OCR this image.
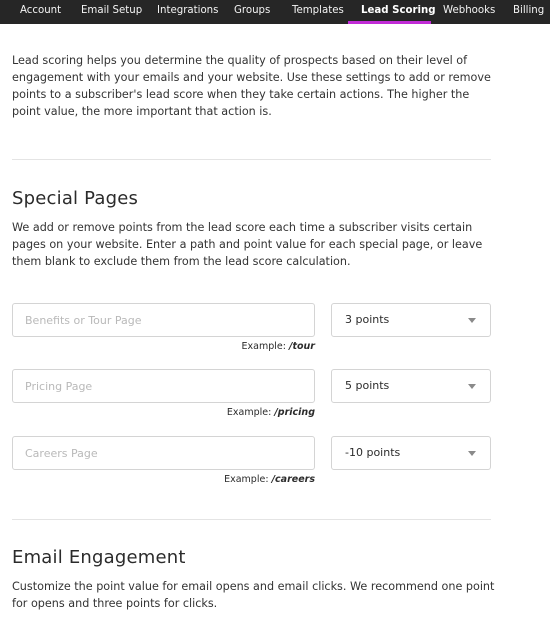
Account Email Setup Integrations Groups Templates Lead Scoring Webhooks Billing

Lead scoring helps you determine the quality of prospects based on their level of engagement with your emails and your website. Use these settings to add or remove points to a subscriber's lead score when they take certain actions. The higher the point value, the more important that action is.

Special Pages

We add or remove points from the lead score each time a subscriber visits certain pages on your website. Enter a path and point value for each special page, or leave them blank to exclude them from the lead score calculation.

Benefits or Tour Page
3 points
Example: /tour
Pricing Page
5 points
Example: /pricing
Careers Page
-10 points
Example: /careers
Email Engagement

Customize the point value for email opens and email clicks. We recommend one point for opens and three points for clicks.
